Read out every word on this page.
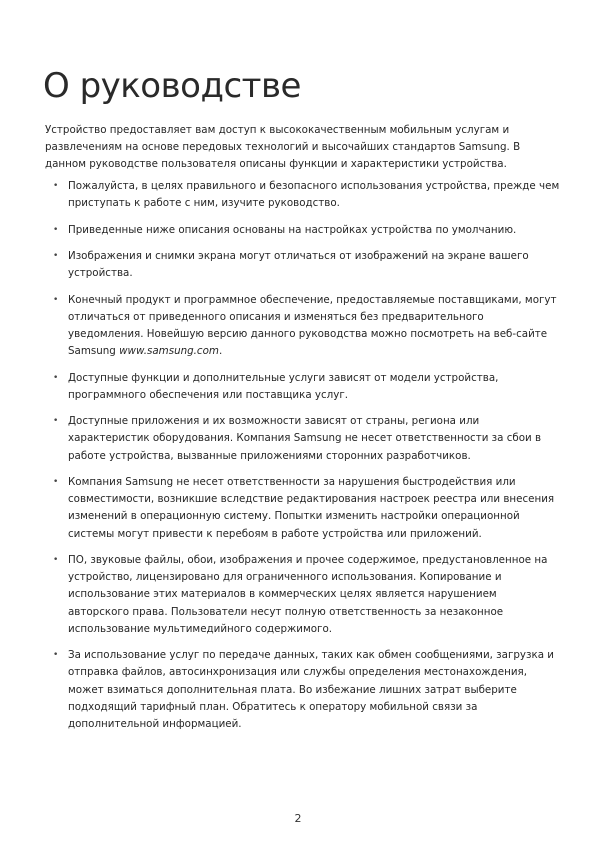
О руководстве

Устройство предоставляет вам доступ к высококачественным мобильным услугам и развлечениям на основе передовых технологий и высочайших стандартов Samsung. В данном руководстве пользователя описаны функции и характеристики устройства.

• Пожалуйста, в целях правильного и безопасного использования устройства, прежде чем приступать к работе с ним, изучите руководство.
• Приведенные ниже описания основаны на настройках устройства по умолчанию.
• Изображения и снимки экрана могут отличаться от изображений на экране вашего устройства.
• Конечный продукт и программное обеспечение, предоставляемые поставщиками, могут отличаться от приведенного описания и изменяться без предварительного уведомления. Новейшую версию данного руководства можно посмотреть на веб-сайте Samsung www.samsung.com.
• Доступные функции и дополнительные услуги зависят от модели устройства, программного обеспечения или поставщика услуг.
• Доступные приложения и их возможности зависят от страны, региона или характеристик оборудования. Компания Samsung не несет ответственности за сбои в работе устройства, вызванные приложениями сторонних разработчиков.
• Компания Samsung не несет ответственности за нарушения быстродействия или совместимости, возникшие вследствие редактирования настроек реестра или внесения изменений в операционную систему. Попытки изменить настройки операционной системы могут привести к перебоям в работе устройства или приложений.
• ПО, звуковые файлы, обои, изображения и прочее содержимое, предустановленное на устройство, лицензировано для ограниченного использования. Копирование и использование этих материалов в коммерческих целях является нарушением авторского права. Пользователи несут полную ответственность за незаконное использование мультимедийного содержимого.
• За использование услуг по передаче данных, таких как обмен сообщениями, загрузка и отправка файлов, автосинхронизация или службы определения местонахождения, может взиматься дополнительная плата. Во избежание лишних затрат выберите подходящий тарифный план. Обратитесь к оператору мобильной связи за дополнительной информацией.
2
